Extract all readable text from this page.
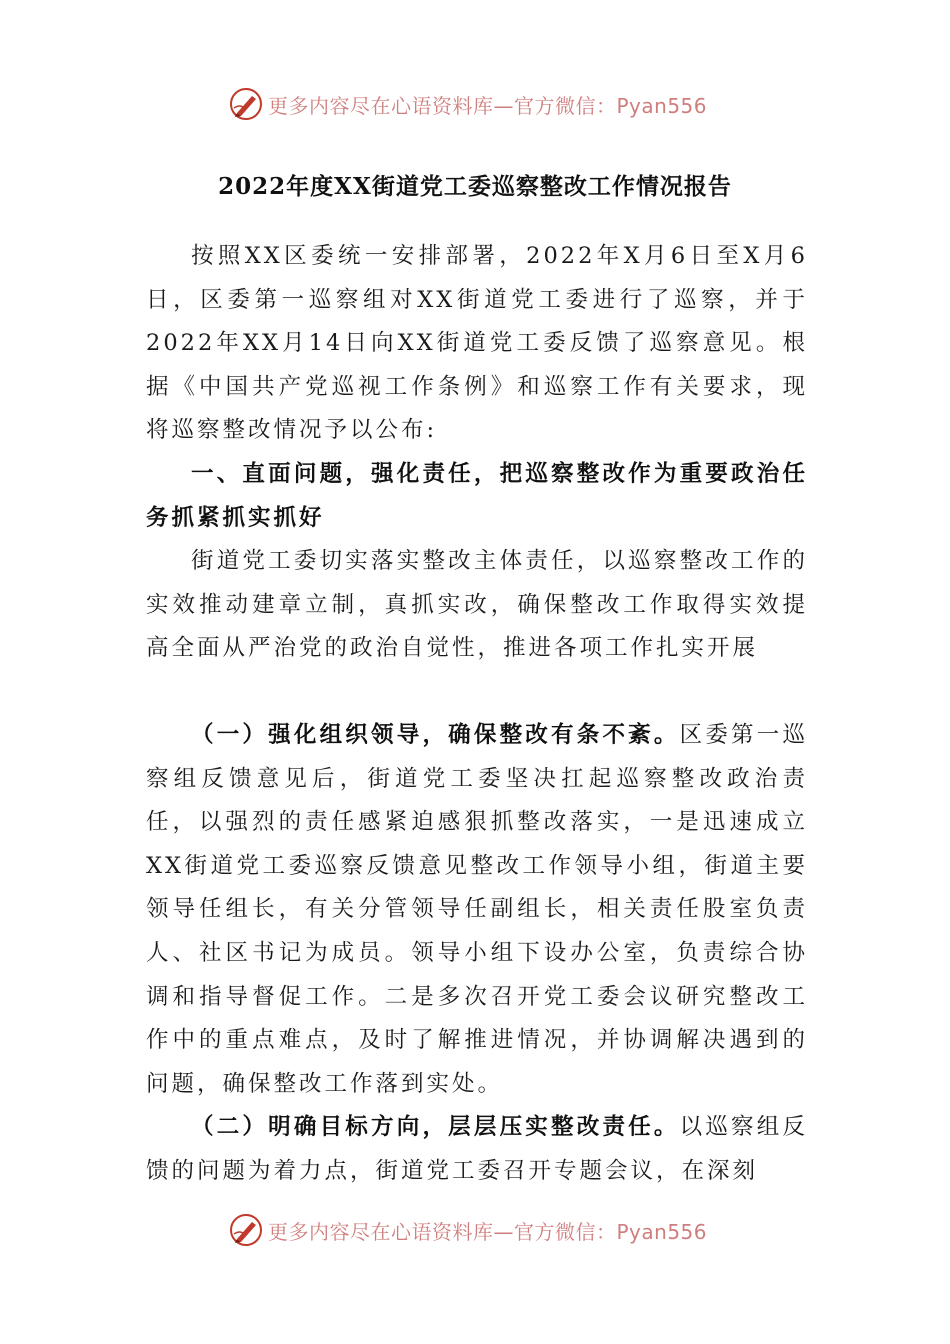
更多内容尽在心语资料库—官方微信：Pyan556
2022年度XX街道党工委巡察整改工作情况报告

按照XX区委统一安排部署，2022年X月6日至X月6日，区委第一巡察组对XX街道党工委进行了巡察，并于2022年XX月14日向XX街道党工委反馈了巡察意见。根据《中国共产党巡视工作条例》和巡察工作有关要求，现将巡察整改情况予以公布:

一、直面问题，强化责任，把巡察整改作为重要政治任务抓紧抓实抓好

街道党工委切实落实整改主体责任，以巡察整改工作的实效推动建章立制，真抓实改，确保整改工作取得实效提高全面从严治党的政治自觉性，推进各项工作扎实开展

（一）强化组织领导，确保整改有条不紊。区委第一巡察组反馈意见后，街道党工委坚决扛起巡察整改政治责任，以强烈的责任感紧迫感狠抓整改落实，一是迅速成立XX街道党工委巡察反馈意见整改工作领导小组，街道主要领导任组长，有关分管领导任副组长，相关责任股室负责人、社区书记为成员。领导小组下设办公室，负责综合协调和指导督促工作。二是多次召开党工委会议研究整改工作中的重点难点，及时了解推进情况，并协调解决遇到的问题，确保整改工作落到实处。

（二）明确目标方向，层层压实整改责任。以巡察组反馈的问题为着力点，街道党工委召开专题会议，在深刻

更多内容尽在心语资料库—官方微信：Pyan556
